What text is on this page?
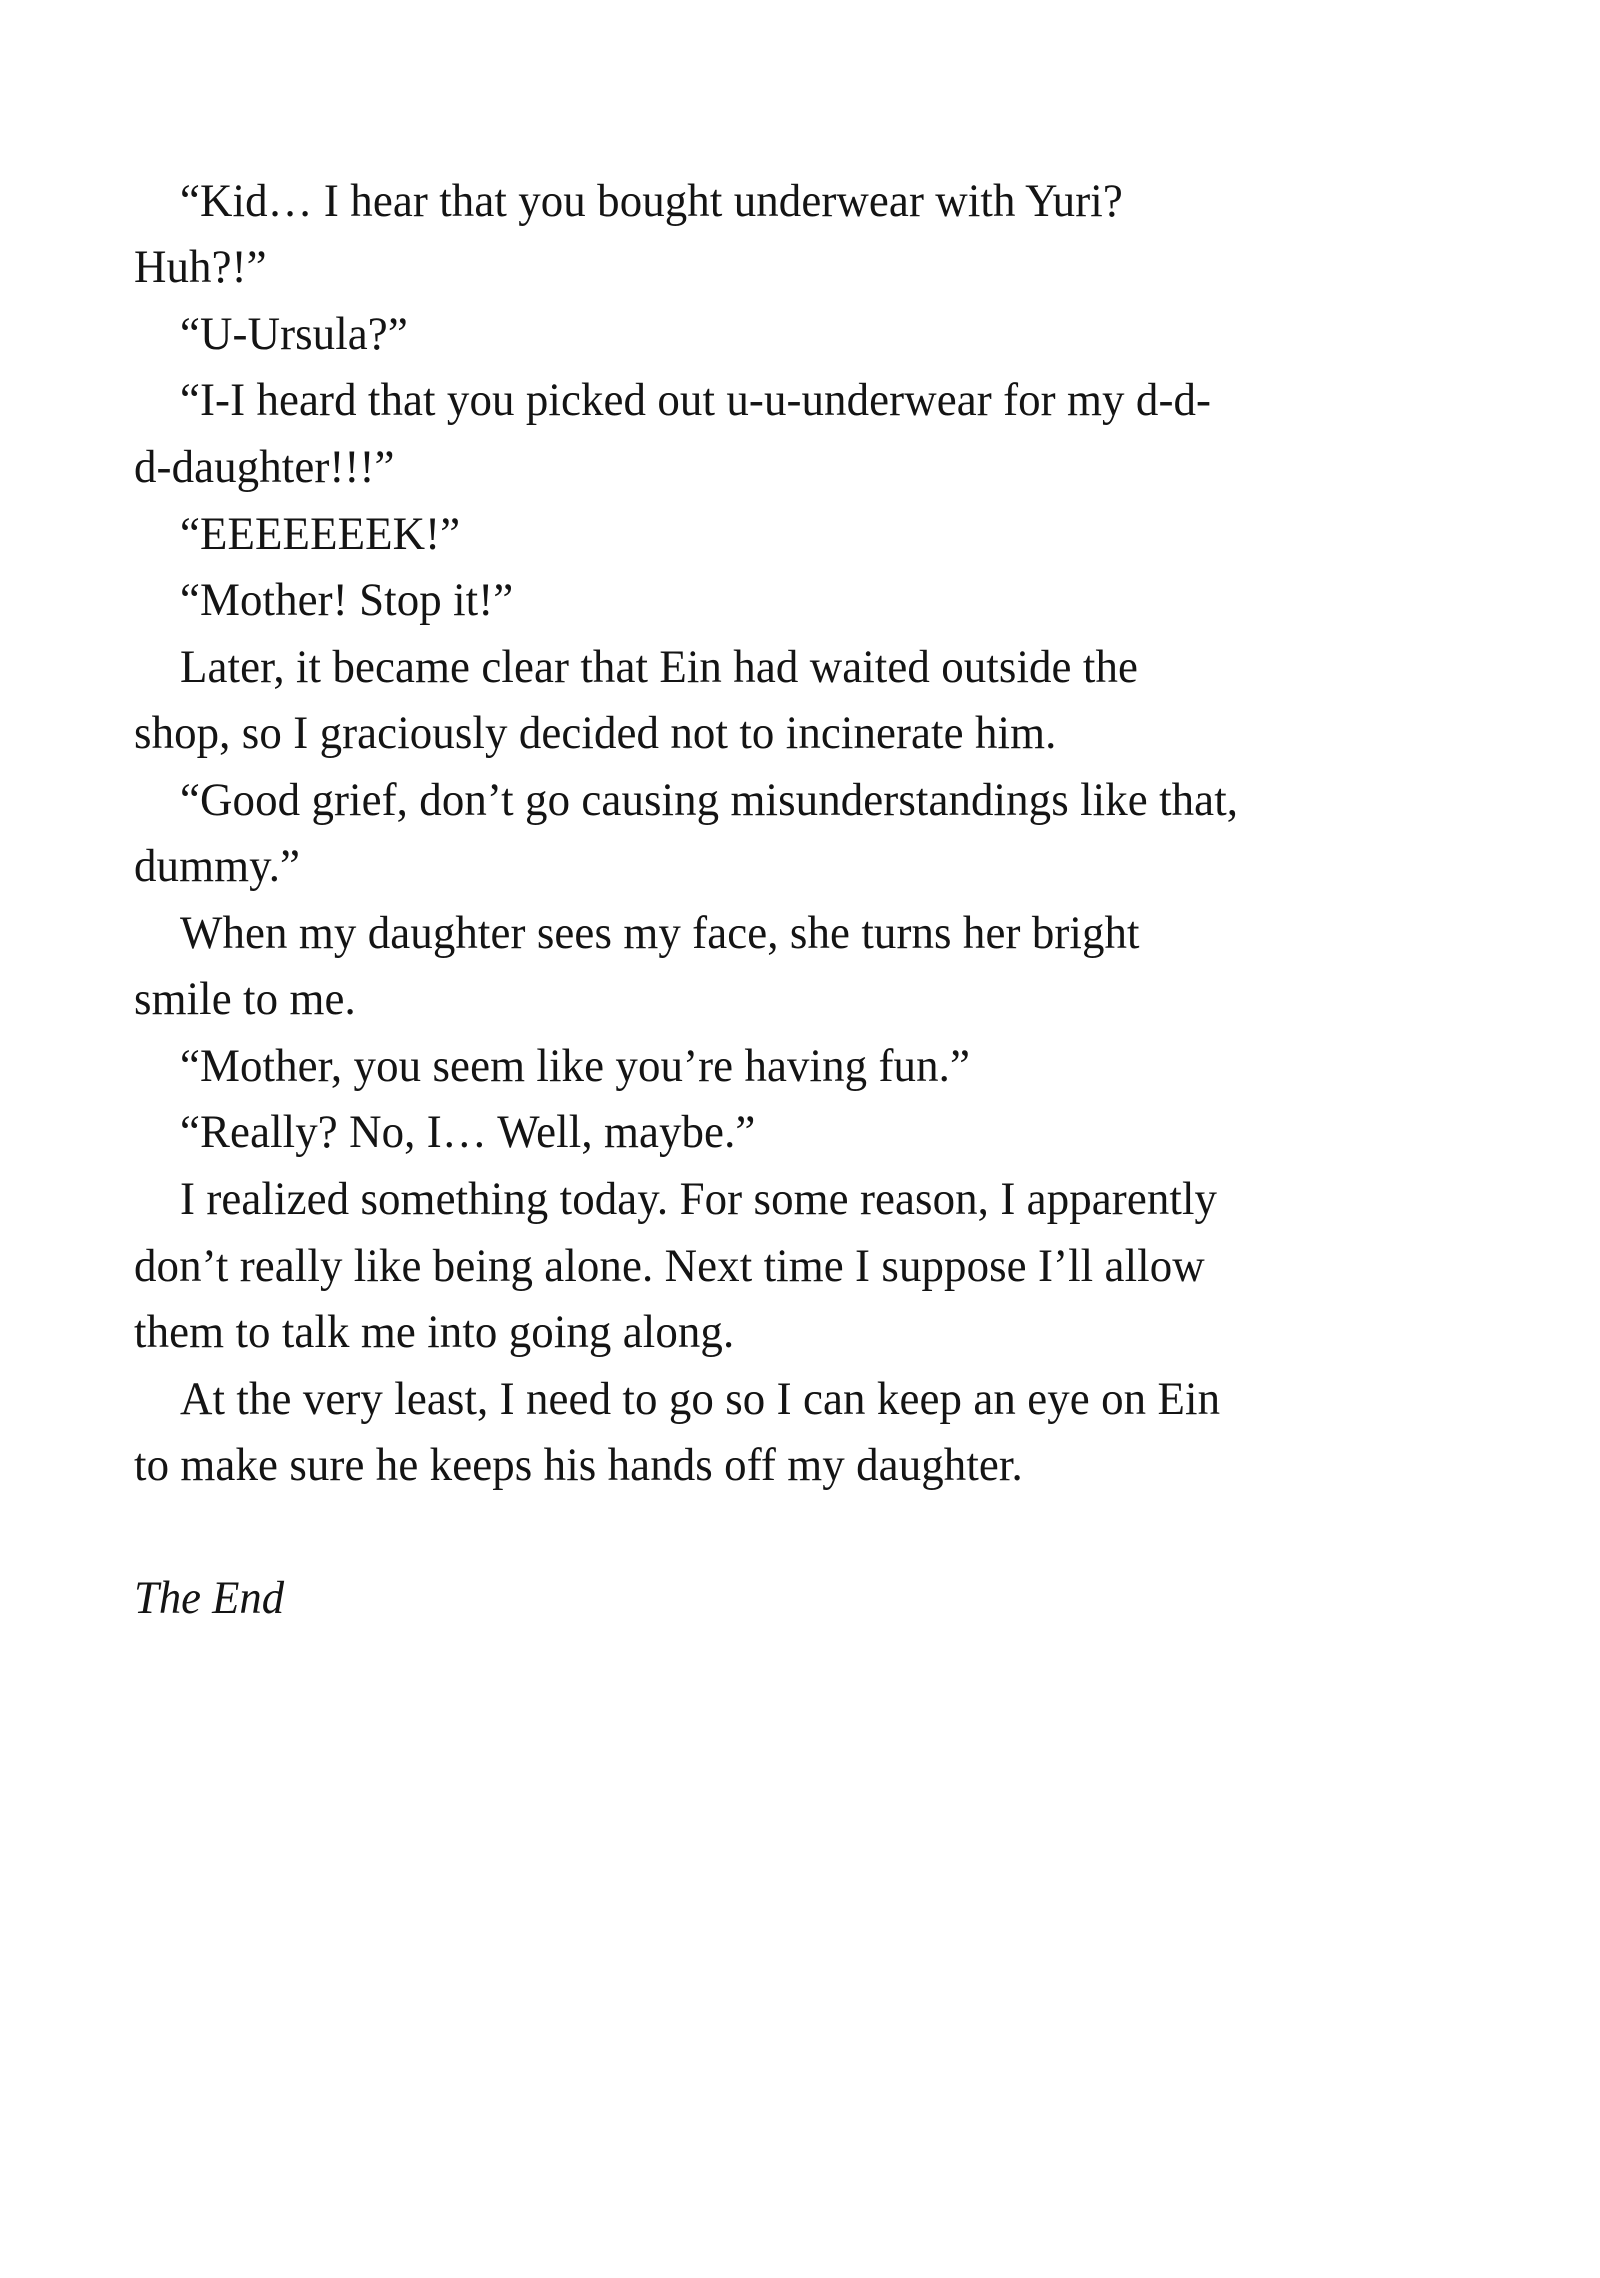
“Kid… I hear that you bought underwear with Yuri?
Huh?!”
“U-Ursula?”
“I-I heard that you picked out u-u-underwear for my d-d-
d-daughter!!!”
“EEEEEEEK!”
“Mother! Stop it!”
Later, it became clear that Ein had waited outside the
shop, so I graciously decided not to incinerate him.
“Good grief, don’t go causing misunderstandings like that,
dummy.”
When my daughter sees my face, she turns her bright
smile to me.
“Mother, you seem like you’re having fun.”
“Really? No, I… Well, maybe.”
I realized something today. For some reason, I apparently
don’t really like being alone. Next time I suppose I’ll allow
them to talk me into going along.
At the very least, I need to go so I can keep an eye on Ein
to make sure he keeps his hands off my daughter.
The End
